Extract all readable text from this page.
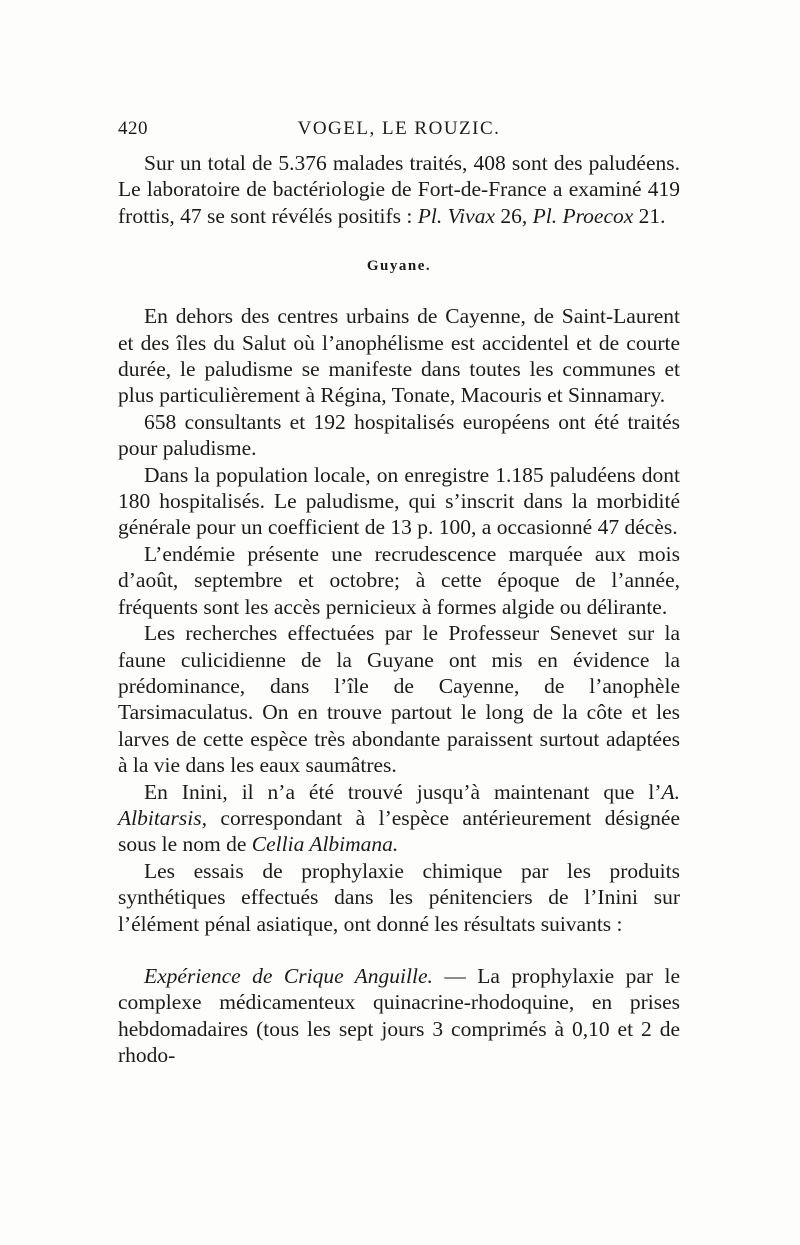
420	VOGEL, LE ROUZIC.

Sur un total de 5.376 malades traités, 408 sont des paludéens. Le laboratoire de bactériologie de Fort-de-France a examiné 419 frottis, 47 se sont révélés positifs : Pl. Vivax 26, Pl. Proecox 21.

Guyane.

En dehors des centres urbains de Cayenne, de Saint-Laurent et des îles du Salut où l’anophélisme est accidentel et de courte durée, le paludisme se manifeste dans toutes les communes et plus particulièrement à Régina, Tonate, Macouris et Sinnamary.

658 consultants et 192 hospitalisés européens ont été traités pour paludisme.

Dans la population locale, on enregistre 1.185 paludéens dont 180 hospitalisés. Le paludisme, qui s’inscrit dans la morbidité générale pour un coefficient de 13 p. 100, a occasionné 47 décès.

L’endémie présente une recrudescence marquée aux mois d’août, septembre et octobre; à cette époque de l’année, fréquents sont les accès pernicieux à formes algide ou délirante.

Les recherches effectuées par le Professeur Senevet sur la faune culicidienne de la Guyane ont mis en évidence la prédominance, dans l’île de Cayenne, de l’anophèle Tarsimaculatus. On en trouve partout le long de la côte et les larves de cette espèce très abondante paraissent surtout adaptées à la vie dans les eaux saumâtres.

En Inini, il n’a été trouvé jusqu’à maintenant que l’A. Albitarsis, correspondant à l’espèce antérieurement désignée sous le nom de Cellia Albimana.

Les essais de prophylaxie chimique par les produits synthétiques effectués dans les pénitenciers de l’Inini sur l’élément pénal asiatique, ont donné les résultats suivants :

Expérience de Crique Anguille. — La prophylaxie par le complexe médicamenteux quinacrine-rhodoquine, en prises hebdomadaires (tous les sept jours 3 comprimés à 0,10 et 2 de rhodo-
